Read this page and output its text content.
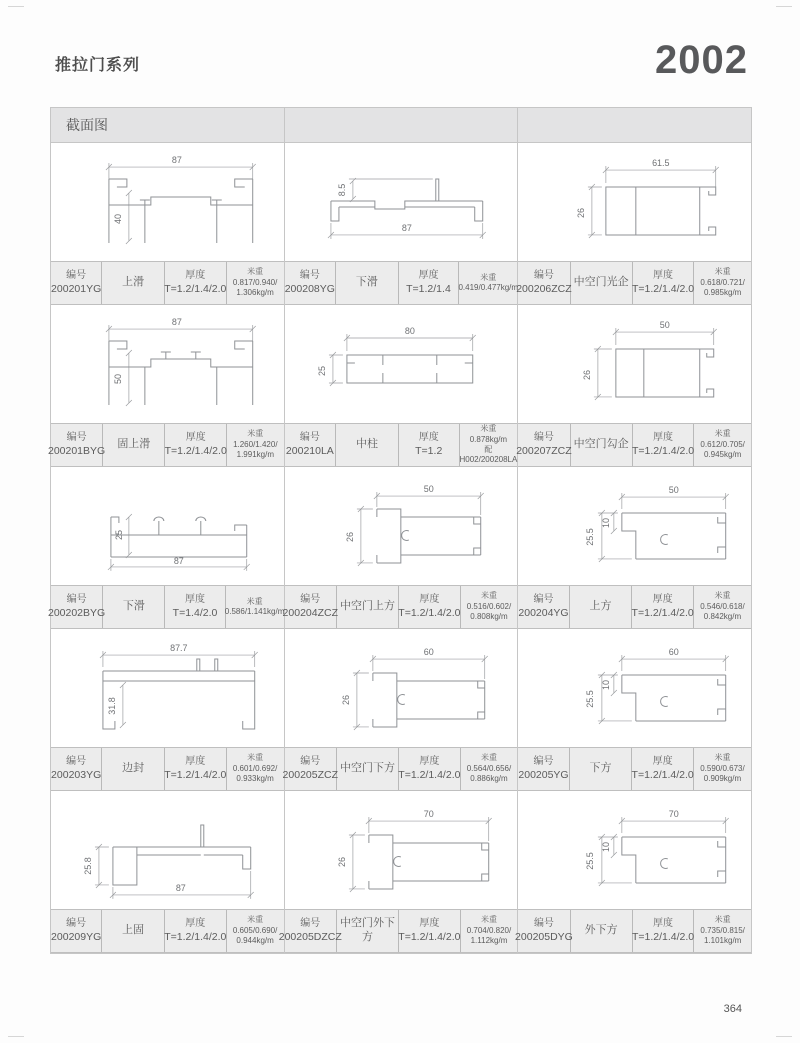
推拉门系列	2002
截面图
87
40
编号
200201YG
上滑
厚度
T=1.2/1.4/2.0
米重
0.817/0.940/
1.306kg/m
8.5
87
编号
200208YG
下滑
厚度
T=1.2/1.4
米重
0.419/0.477kg/m
61.5
26
编号
200206ZCZ
中空门光企
厚度
T=1.2/1.4/2.0
米重
0.618/0.721/
0.985kg/m
87
50
编号
200201BYG
固上滑
厚度
T=1.2/1.4/2.0
米重
1.260/1.420/
1.991kg/m
80
25
编号
200210LA
中柱
厚度
T=1.2
米重
0.878kg/m
配H002/200208LA
50
26
编号
200207ZCZ
中空门勾企
厚度
T=1.2/1.4/2.0
米重
0.612/0.705/
0.945kg/m
25
87
编号
200202BYG
下滑
厚度
T=1.4/2.0
米重
0.586/1.141kg/m
50
26
编号
200204ZCZ
中空门上方
厚度
T=1.2/1.4/2.0
米重
0.516/0.602/
0.808kg/m
50
25.5
10
编号
200204YG
上方
厚度
T=1.2/1.4/2.0
米重
0.546/0.618/
0.842kg/m
87.7
31.8
编号
200203YG
边封
厚度
T=1.2/1.4/2.0
米重
0.601/0.692/
0.933kg/m
60
26
编号
200205ZCZ
中空门下方
厚度
T=1.2/1.4/2.0
米重
0.564/0.656/
0.886kg/m
60
25.5
10
编号
200205YG
下方
厚度
T=1.2/1.4/2.0
米重
0.590/0.673/
0.909kg/m
25.8
87
编号
200209YG
上固
厚度
T=1.2/1.4/2.0
米重
0.605/0.690/
0.944kg/m
70
26
编号
200205DZCZ
中空门外下方
厚度
T=1.2/1.4/2.0
米重
0.704/0.820/
1.112kg/m
70
25.5
10
编号
200205DYG
外下方
厚度
T=1.2/1.4/2.0
米重
0.735/0.815/
1.101kg/m
364
